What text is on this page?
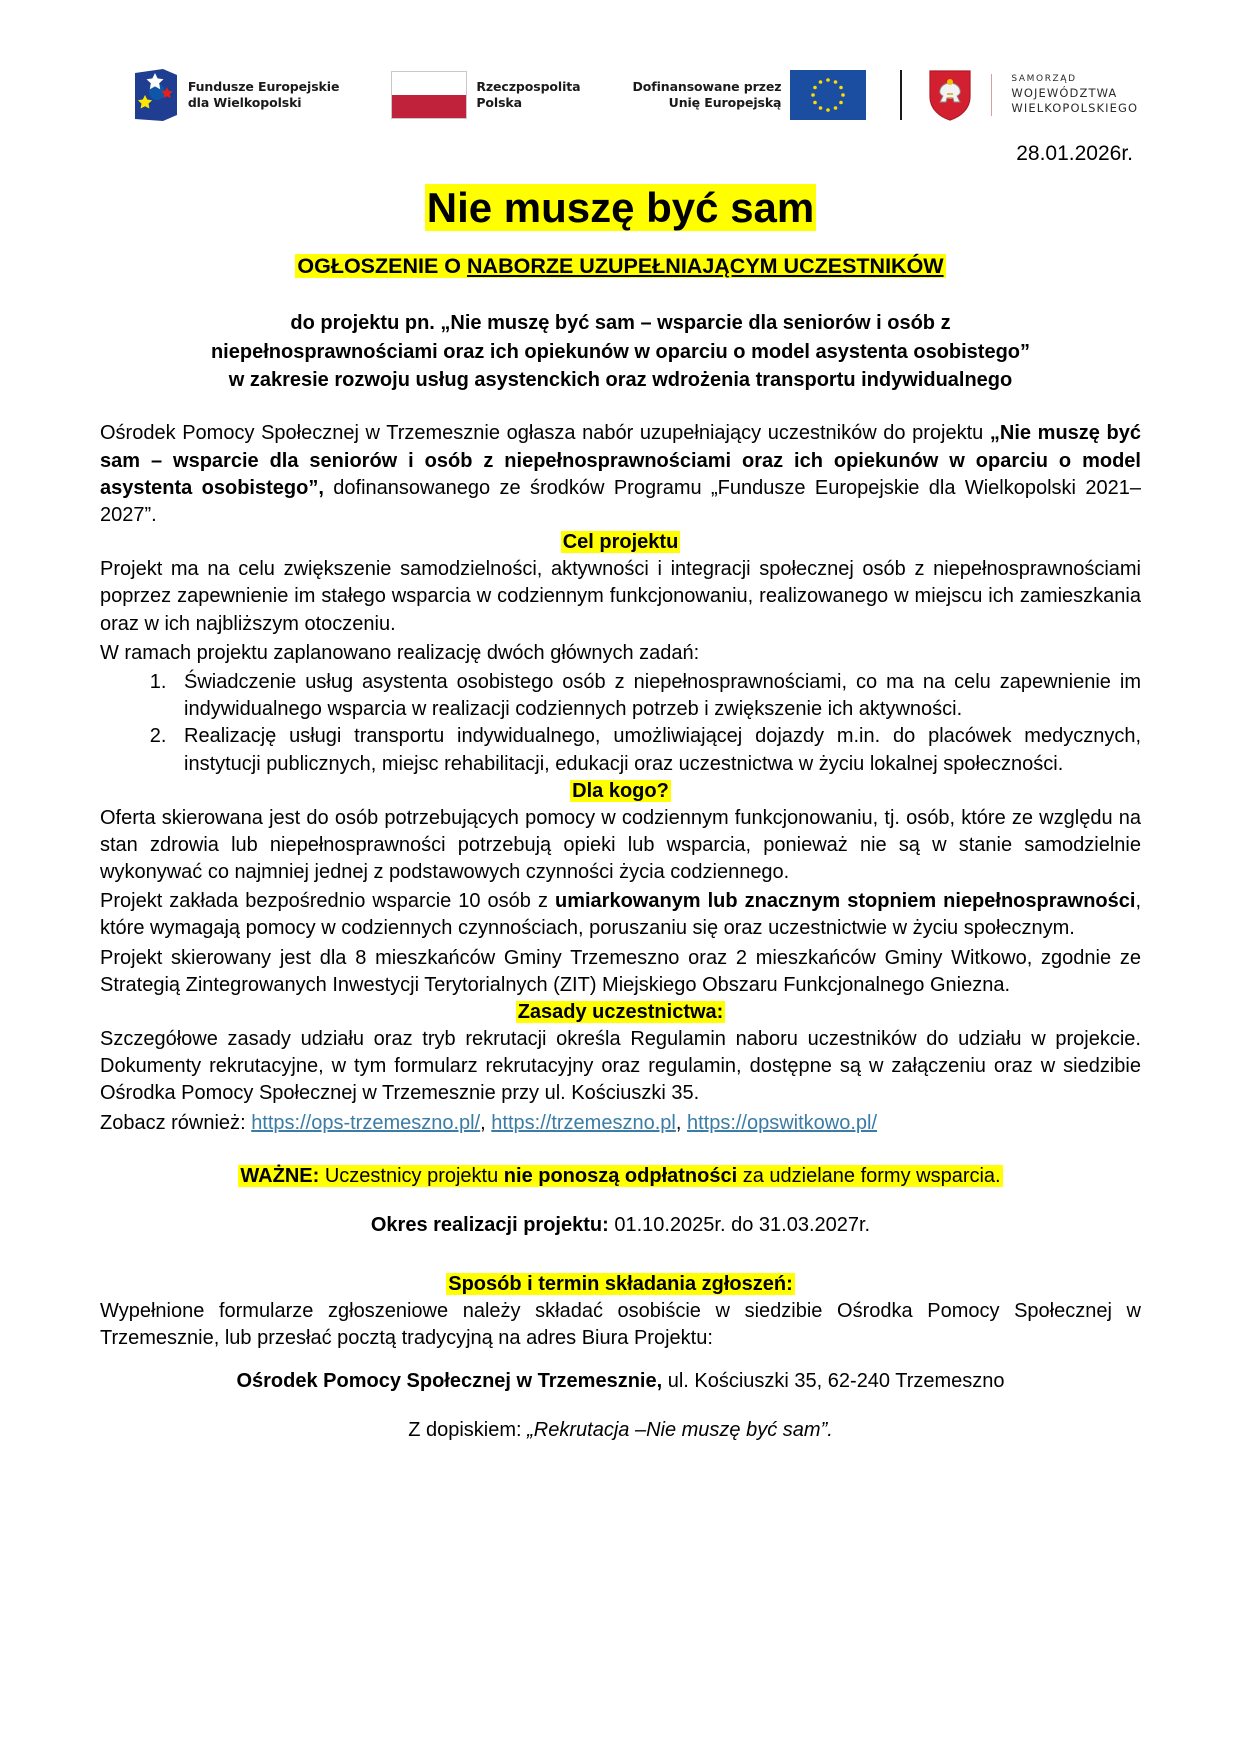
Fundusze Europejskie
dla Wielkopolski
Rzeczpospolita
Polska
Dofinansowane przez
Unię Europejską
SAMORZĄD
WOJEWÓDZTWA
WIELKOPOLSKIEGO
28.01.2026r.
Nie muszę być sam
OGŁOSZENIE O NABORZE UZUPEŁNIAJĄCYM UCZESTNIKÓW
do projektu pn. „Nie muszę być sam – wsparcie dla seniorów i osób z
niepełnosprawnościami oraz ich opiekunów w oparciu o model asystenta osobistego”
w zakresie rozwoju usług asystenckich oraz wdrożenia transportu indywidualnego

Ośrodek Pomocy Społecznej w Trzemesznie ogłasza nabór uzupełniający uczestników do projektu „Nie muszę być sam – wsparcie dla seniorów i osób z niepełnosprawnościami oraz ich opiekunów w oparciu o model asystenta osobistego”, dofinansowanego ze środków Programu „Fundusze Europejskie dla Wielkopolski 2021–2027”.

Cel projektu

Projekt ma na celu zwiększenie samodzielności, aktywności i integracji społecznej osób z niepełnosprawnościami poprzez zapewnienie im stałego wsparcia w codziennym funkcjonowaniu, realizowanego w miejscu ich zamieszkania oraz w ich najbliższym otoczeniu.

W ramach projektu zaplanowano realizację dwóch głównych zadań:

1. Świadczenie usług asystenta osobistego osób z niepełnosprawnościami, co ma na celu zapewnienie im indywidualnego wsparcia w realizacji codziennych potrzeb i zwiększenie ich aktywności.
2. Realizację usługi transportu indywidualnego, umożliwiającej dojazdy m.in. do placówek medycznych, instytucji publicznych, miejsc rehabilitacji, edukacji oraz uczestnictwa w życiu lokalnej społeczności.
Dla kogo?

Oferta skierowana jest do osób potrzebujących pomocy w codziennym funkcjonowaniu, tj. osób, które ze względu na stan zdrowia lub niepełnosprawności potrzebują opieki lub wsparcia, ponieważ nie są w stanie samodzielnie wykonywać co najmniej jednej z podstawowych czynności życia codziennego.

Projekt zakłada bezpośrednio wsparcie 10 osób z umiarkowanym lub znacznym stopniem niepełnosprawności, które wymagają pomocy w codziennych czynnościach, poruszaniu się oraz uczestnictwie w życiu społecznym.

Projekt skierowany jest dla 8 mieszkańców Gminy Trzemeszno oraz 2 mieszkańców Gminy Witkowo, zgodnie ze Strategią Zintegrowanych Inwestycji Terytorialnych (ZIT) Miejskiego Obszaru Funkcjonalnego Gniezna.

Zasady uczestnictwa:

Szczegółowe zasady udziału oraz tryb rekrutacji określa Regulamin naboru uczestników do udziału w projekcie. Dokumenty rekrutacyjne, w tym formularz rekrutacyjny oraz regulamin, dostępne są w załączeniu oraz w siedzibie Ośrodka Pomocy Społecznej w Trzemesznie przy ul. Kościuszki 35.

Zobacz również: https://ops-trzemeszno.pl/, https://trzemeszno.pl, https://opswitkowo.pl/

WAŻNE: Uczestnicy projektu nie ponoszą odpłatności za udzielane formy wsparcia.
Okres realizacji projektu: 01.10.2025r. do 31.03.2027r.
Sposób i termin składania zgłoszeń:

Wypełnione formularze zgłoszeniowe należy składać osobiście w siedzibie Ośrodka Pomocy Społecznej w Trzemesznie, lub przesłać pocztą tradycyjną na adres Biura Projektu:

Ośrodek Pomocy Społecznej w Trzemesznie, ul. Kościuszki 35, 62-240 Trzemeszno
Z dopiskiem: „Rekrutacja –Nie muszę być sam”.
